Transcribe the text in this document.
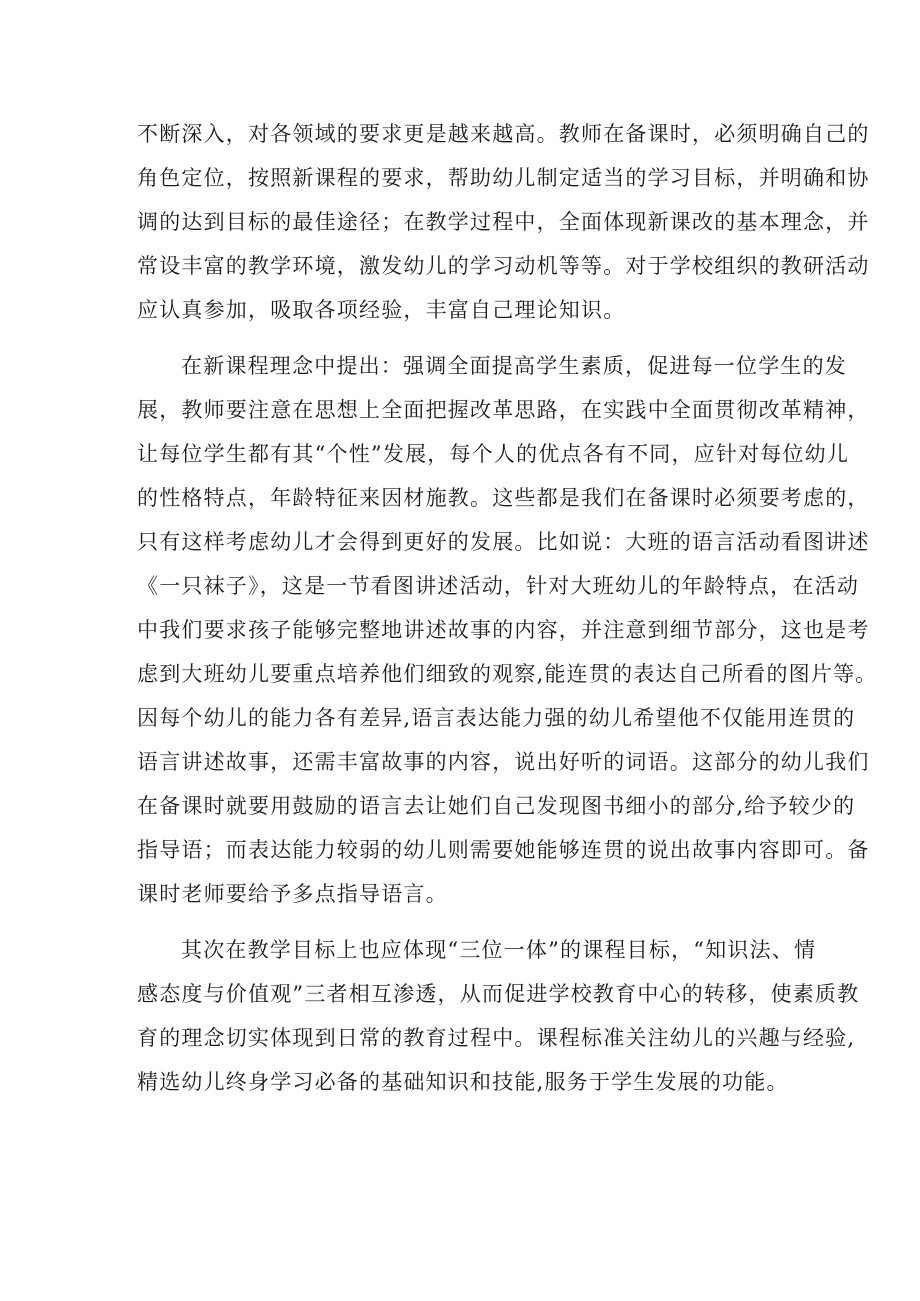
不断深入，对各领域的要求更是越来越高。教师在备课时，必须明确自己的
角色定位，按照新课程的要求，帮助幼儿制定适当的学习目标，并明确和协
调的达到目标的最佳途径；在教学过程中，全面体现新课改的基本理念，并
常设丰富的教学环境，激发幼儿的学习动机等等。对于学校组织的教研活动
应认真参加，吸取各项经验，丰富自己理论知识。
在新课程理念中提出：强调全面提高学生素质，促进每一位学生的发
展，教师要注意在思想上全面把握改革思路，在实践中全面贯彻改革精神，
让每位学生都有其“个性”发展，每个人的优点各有不同，应针对每位幼儿
的性格特点，年龄特征来因材施教。这些都是我们在备课时必须要考虑的，
只有这样考虑幼儿才会得到更好的发展。比如说：大班的语言活动看图讲述
《一只袜子》，这是一节看图讲述活动，针对大班幼儿的年龄特点，在活动
中我们要求孩子能够完整地讲述故事的内容，并注意到细节部分，这也是考
虑到大班幼儿要重点培养他们细致的观察,能连贯的表达自己所看的图片等。
因每个幼儿的能力各有差异,语言表达能力强的幼儿希望他不仅能用连贯的
语言讲述故事，还需丰富故事的内容，说出好听的词语。这部分的幼儿我们
在备课时就要用鼓励的语言去让她们自己发现图书细小的部分,给予较少的
指导语；而表达能力较弱的幼儿则需要她能够连贯的说出故事内容即可。备
课时老师要给予多点指导语言。
其次在教学目标上也应体现“三位一体”的课程目标，“知识法、情
感态度与价值观”三者相互渗透，从而促进学校教育中心的转移，使素质教
育的理念切实体现到日常的教育过程中。课程标准关注幼儿的兴趣与经验,
精选幼儿终身学习必备的基础知识和技能,服务于学生发展的功能。
